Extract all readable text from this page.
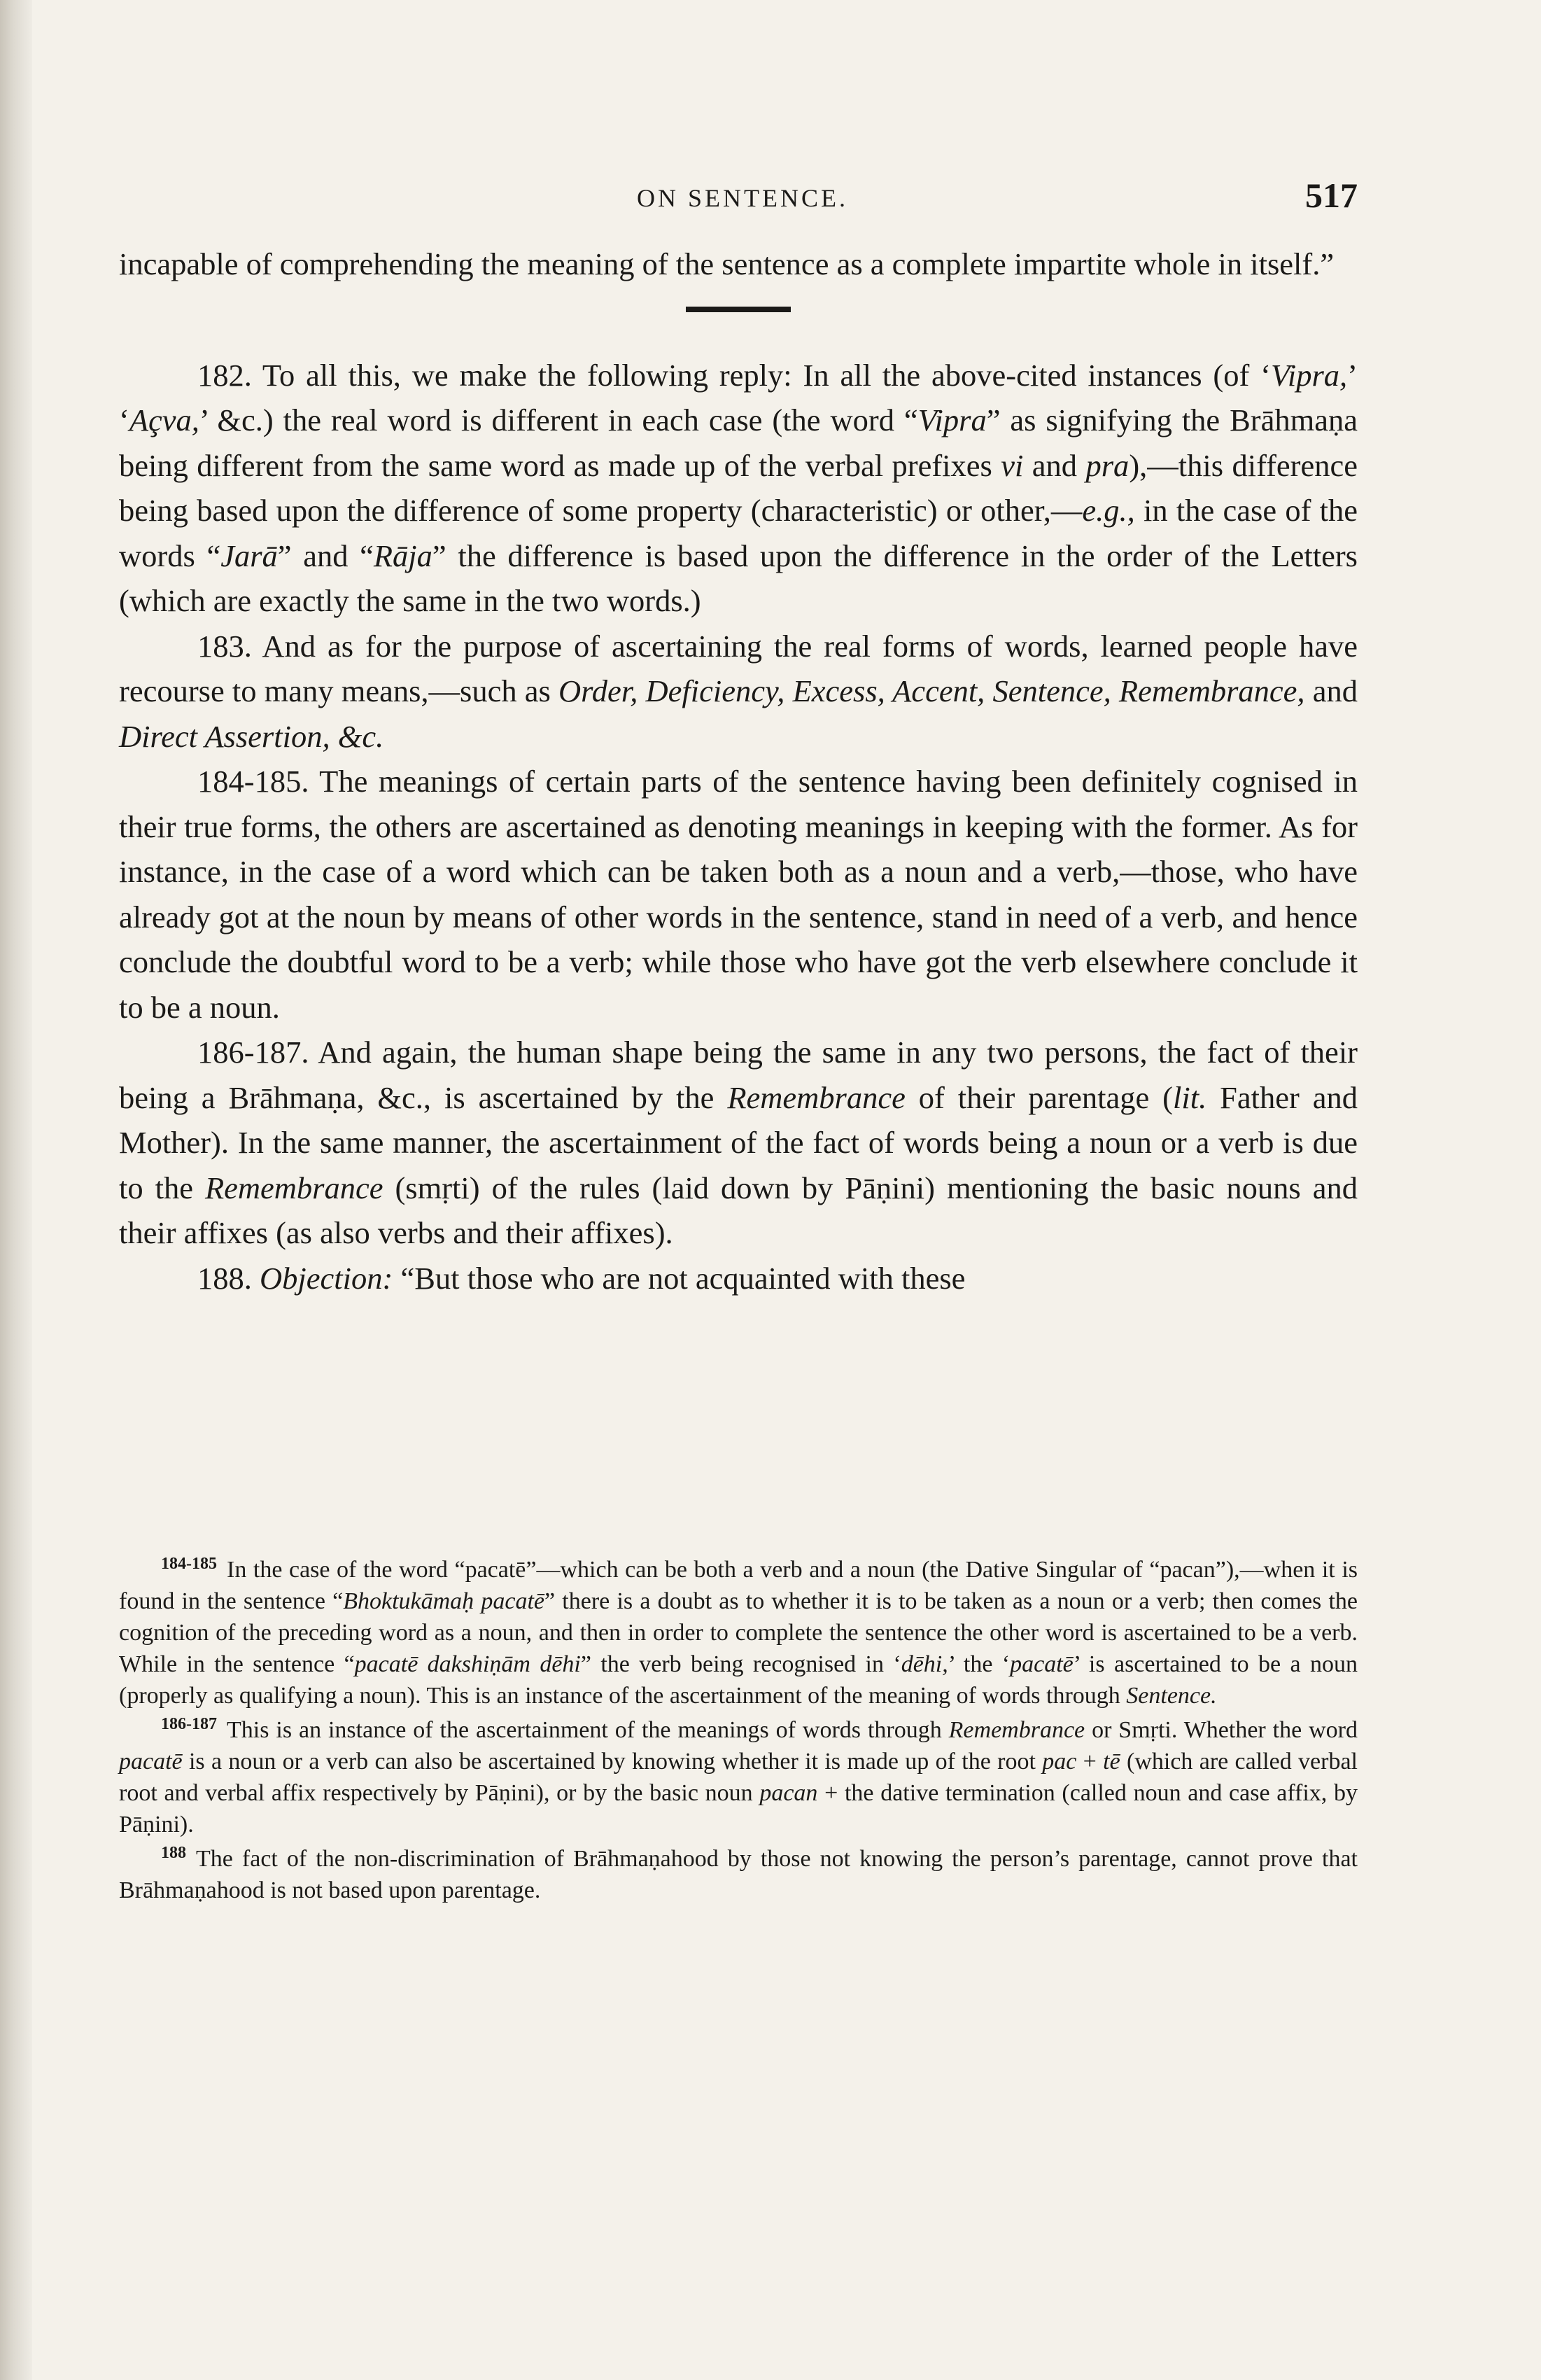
ON SENTENCE.	517

incapable of comprehending the meaning of the sentence as a complete impartite whole in itself.”

182. To all this, we make the following reply: In all the above-cited instances (of ‘Vipra,’ ‘Açva,’ &c.) the real word is different in each case (the word “Vipra” as signifying the Brāhmaṇa being different from the same word as made up of the verbal prefixes vi and pra),—this difference being based upon the difference of some property (characteristic) or other,—e.g., in the case of the words “Jarā” and “Rāja” the difference is based upon the difference in the order of the Letters (which are exactly the same in the two words.)

183. And as for the purpose of ascertaining the real forms of words, learned people have recourse to many means,—such as Order, Deficiency, Excess, Accent, Sentence, Remembrance, and Direct Assertion, &c.

184-185. The meanings of certain parts of the sentence having been definitely cognised in their true forms, the others are ascertained as denoting meanings in keeping with the former. As for instance, in the case of a word which can be taken both as a noun and a verb,—those, who have already got at the noun by means of other words in the sentence, stand in need of a verb, and hence conclude the doubtful word to be a verb; while those who have got the verb elsewhere conclude it to be a noun.

186-187. And again, the human shape being the same in any two persons, the fact of their being a Brāhmaṇa, &c., is ascertained by the Remembrance of their parentage (lit. Father and Mother). In the same manner, the ascertainment of the fact of words being a noun or a verb is due to the Remembrance (smṛti) of the rules (laid down by Pāṇini) mentioning the basic nouns and their affixes (as also verbs and their affixes).

188. Objection: “But those who are not acquainted with these

$^{184-185}$ In the case of the word “pacatē”—which can be both a verb and a noun (the Dative Singular of “pacan”),—when it is found in the sentence “Bhoktukāmaḥ pacatē” there is a doubt as to whether it is to be taken as a noun or a verb; then comes the cognition of the preceding word as a noun, and then in order to complete the sentence the other word is ascertained to be a verb. While in the sentence “pacatē dakshiṇām dēhi” the verb being recognised in ‘dēhi,’ the ‘pacatē’ is ascertained to be a noun (properly as qualifying a noun). This is an instance of the ascertainment of the meaning of words through Sentence.

$^{186-187}$ This is an instance of the ascertainment of the meanings of words through Remembrance or Smṛti. Whether the word pacatē is a noun or a verb can also be ascertained by knowing whether it is made up of the root pac + tē (which are called verbal root and verbal affix respectively by Pāṇini), or by the basic noun pacan + the dative termination (called noun and case affix, by Pāṇini).

$^{188}$ The fact of the non-discrimination of Brāhmaṇahood by those not knowing the person’s parentage, cannot prove that Brāhmaṇahood is not based upon parentage.
